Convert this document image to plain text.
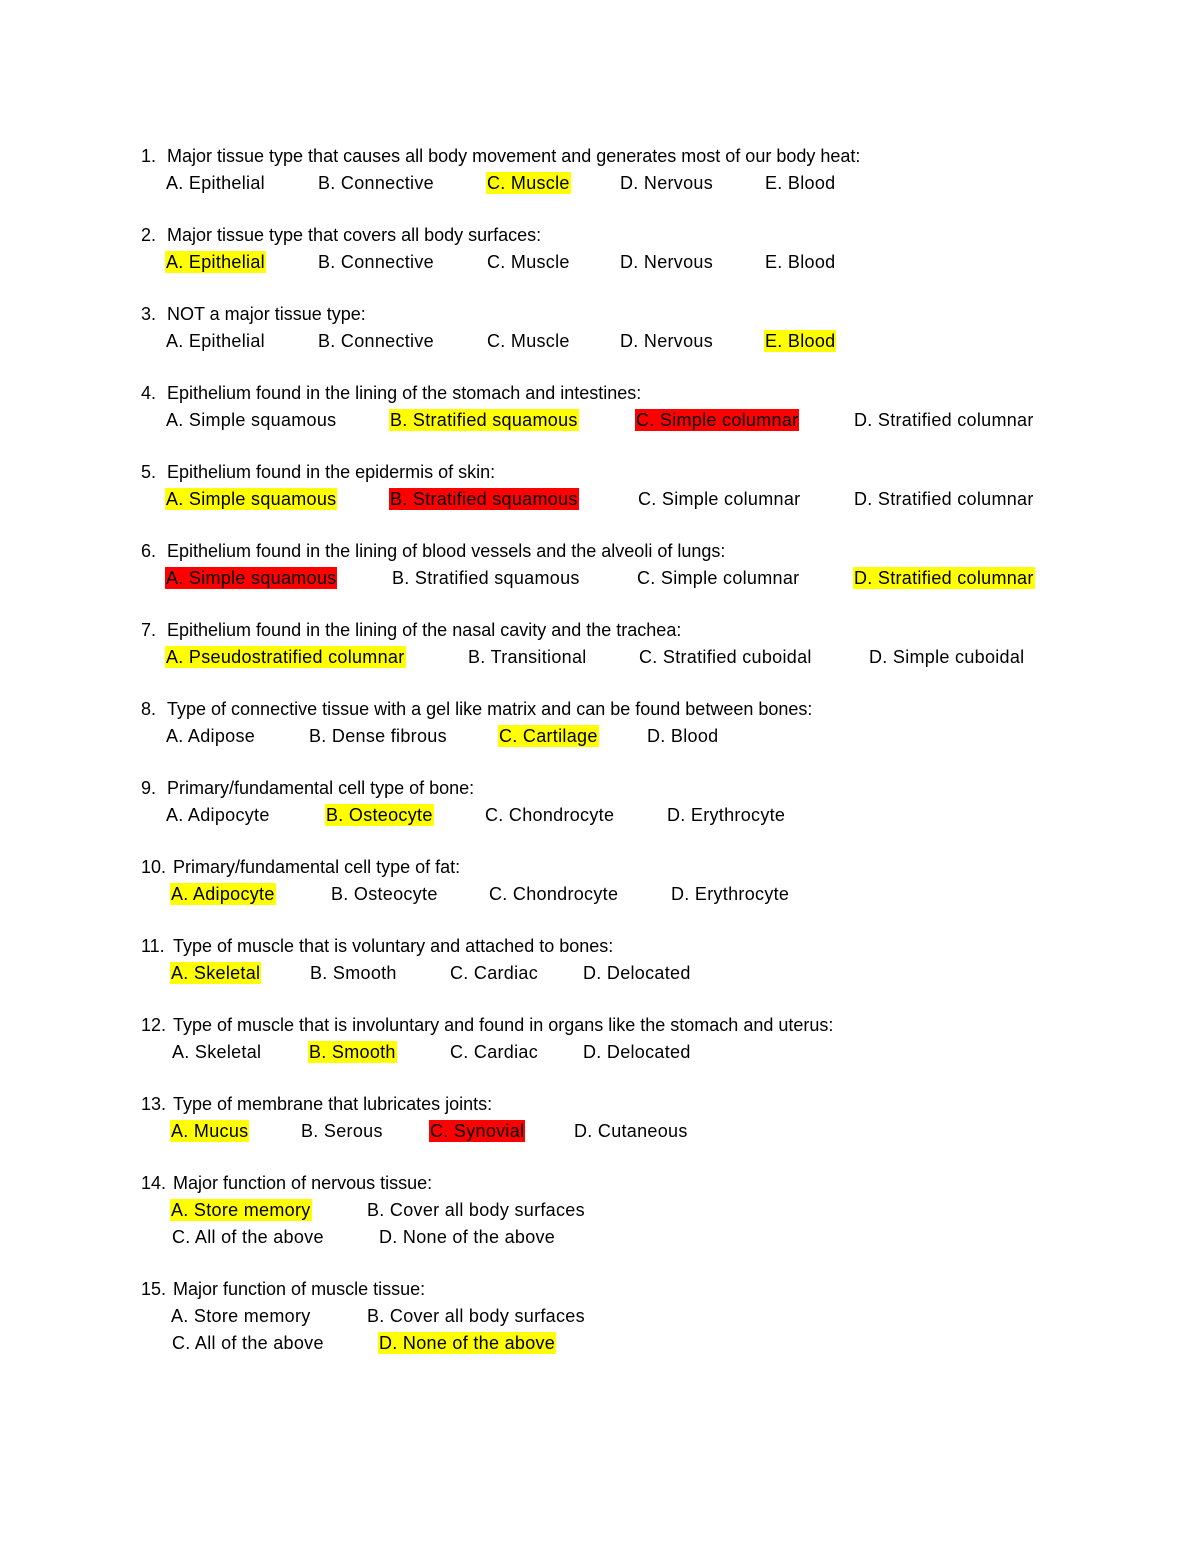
1. Major tissue type that causes all body movement and generates most of our body heat:
A. Epithelial	B. Connective	C. Muscle	D. Nervous	E. Blood
2. Major tissue type that covers all body surfaces:
A. Epithelial	B. Connective	C. Muscle	D. Nervous	E. Blood
3. NOT a major tissue type:
A. Epithelial	B. Connective	C. Muscle	D. Nervous	E. Blood
4. Epithelium found in the lining of the stomach and intestines:
A. Simple squamous	B. Stratified squamous	C. Simple columnar	D. Stratified columnar
5. Epithelium found in the epidermis of skin:
A. Simple squamous	B. Stratified squamous	C. Simple columnar	D. Stratified columnar
6. Epithelium found in the lining of blood vessels and the alveoli of lungs:
A. Simple squamous	B. Stratified squamous	C. Simple columnar	D. Stratified columnar
7. Epithelium found in the lining of the nasal cavity and the trachea:
A. Pseudostratified columnar	B. Transitional	C. Stratified cuboidal	D. Simple cuboidal
8. Type of connective tissue with a gel like matrix and can be found between bones:
A. Adipose	B. Dense fibrous	C. Cartilage	D. Blood
9. Primary/fundamental cell type of bone:
A. Adipocyte	B. Osteocyte	C. Chondrocyte	D. Erythrocyte
10. Primary/fundamental cell type of fat:
A. Adipocyte	B. Osteocyte	C. Chondrocyte	D. Erythrocyte
11. Type of muscle that is voluntary and attached to bones:
A. Skeletal	B. Smooth	C. Cardiac D. Delocated
12. Type of muscle that is involuntary and found in organs like the stomach and uterus:
A. Skeletal	B. Smooth	C. Cardiac D. Delocated
13. Type of membrane that lubricates joints:
A. Mucus	B. Serous	C. Synovial	D. Cutaneous
14. Major function of nervous tissue:
A. Store memory	B. Cover all body surfaces
C. All of the above	D. None of the above
15. Major function of muscle tissue:
A. Store memory	B. Cover all body surfaces
C. All of the above	D. None of the above
